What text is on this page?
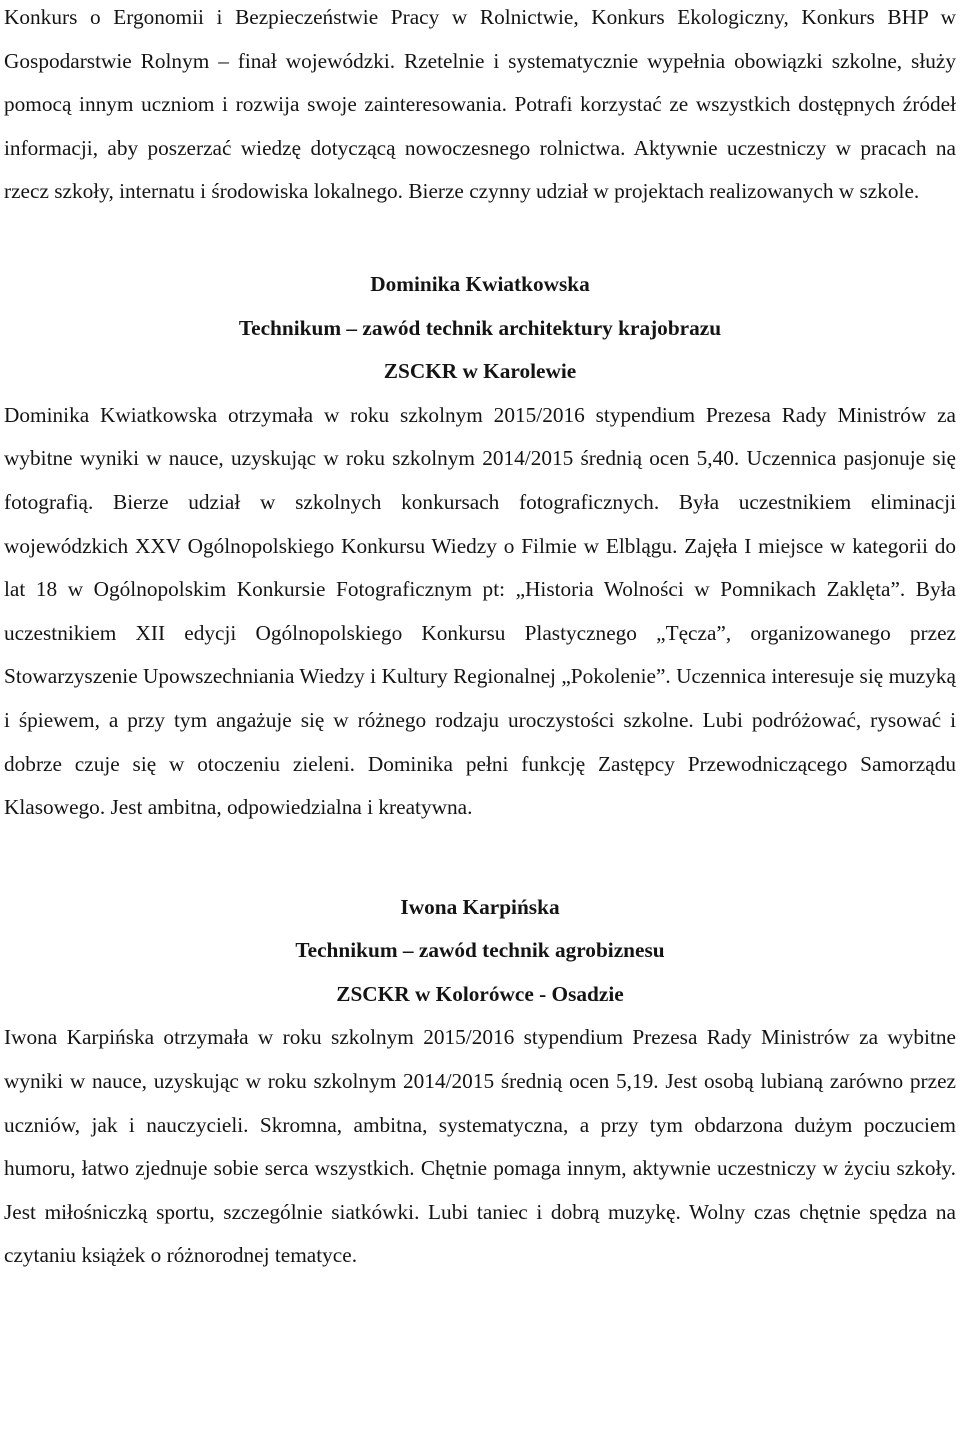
Konkurs o Ergonomii i Bezpieczeństwie Pracy w Rolnictwie, Konkurs Ekologiczny, Konkurs BHP w Gospodarstwie Rolnym – finał wojewódzki. Rzetelnie i systematycznie wypełnia obowiązki szkolne, służy pomocą innym uczniom i rozwija swoje zainteresowania. Potrafi korzystać ze wszystkich dostępnych źródeł informacji, aby poszerzać wiedzę dotyczącą nowoczesnego rolnictwa. Aktywnie uczestniczy w pracach na rzecz szkoły, internatu i środowiska lokalnego. Bierze czynny udział w projektach realizowanych w szkole.

Dominika Kwiatkowska

Technikum – zawód technik architektury krajobrazu

ZSCKR w Karolewie

Dominika Kwiatkowska otrzymała w roku szkolnym 2015/2016 stypendium Prezesa Rady Ministrów za wybitne wyniki w nauce, uzyskując w roku szkolnym 2014/2015 średnią ocen 5,40. Uczennica pasjonuje się fotografią. Bierze udział w szkolnych konkursach fotograficznych. Była uczestnikiem eliminacji wojewódzkich XXV Ogólnopolskiego Konkursu Wiedzy o Filmie w Elblągu. Zajęła I miejsce w kategorii do lat 18 w Ogólnopolskim Konkursie Fotograficznym pt: „Historia Wolności w Pomnikach Zaklęta”. Była uczestnikiem XII edycji Ogólnopolskiego Konkursu Plastycznego „Tęcza”, organizowanego przez Stowarzyszenie Upowszechniania Wiedzy i Kultury Regionalnej „Pokolenie”. Uczennica interesuje się muzyką i śpiewem, a przy tym angażuje się w różnego rodzaju uroczystości szkolne. Lubi podróżować, rysować i dobrze czuje się w otoczeniu zieleni. Dominika pełni funkcję Zastępcy Przewodniczącego Samorządu Klasowego. Jest ambitna, odpowiedzialna i kreatywna.

Iwona Karpińska

Technikum – zawód technik agrobiznesu

ZSCKR w Kolorówce - Osadzie

Iwona Karpińska otrzymała w roku szkolnym 2015/2016 stypendium Prezesa Rady Ministrów za wybitne wyniki w nauce, uzyskując w roku szkolnym 2014/2015 średnią ocen 5,19. Jest osobą lubianą zarówno przez uczniów, jak i nauczycieli. Skromna, ambitna, systematyczna, a przy tym obdarzona dużym poczuciem humoru, łatwo zjednuje sobie serca wszystkich. Chętnie pomaga innym, aktywnie uczestniczy w życiu szkoły. Jest miłośniczką sportu, szczególnie siatkówki. Lubi taniec i dobrą muzykę. Wolny czas chętnie spędza na czytaniu książek o różnorodnej tematyce.
